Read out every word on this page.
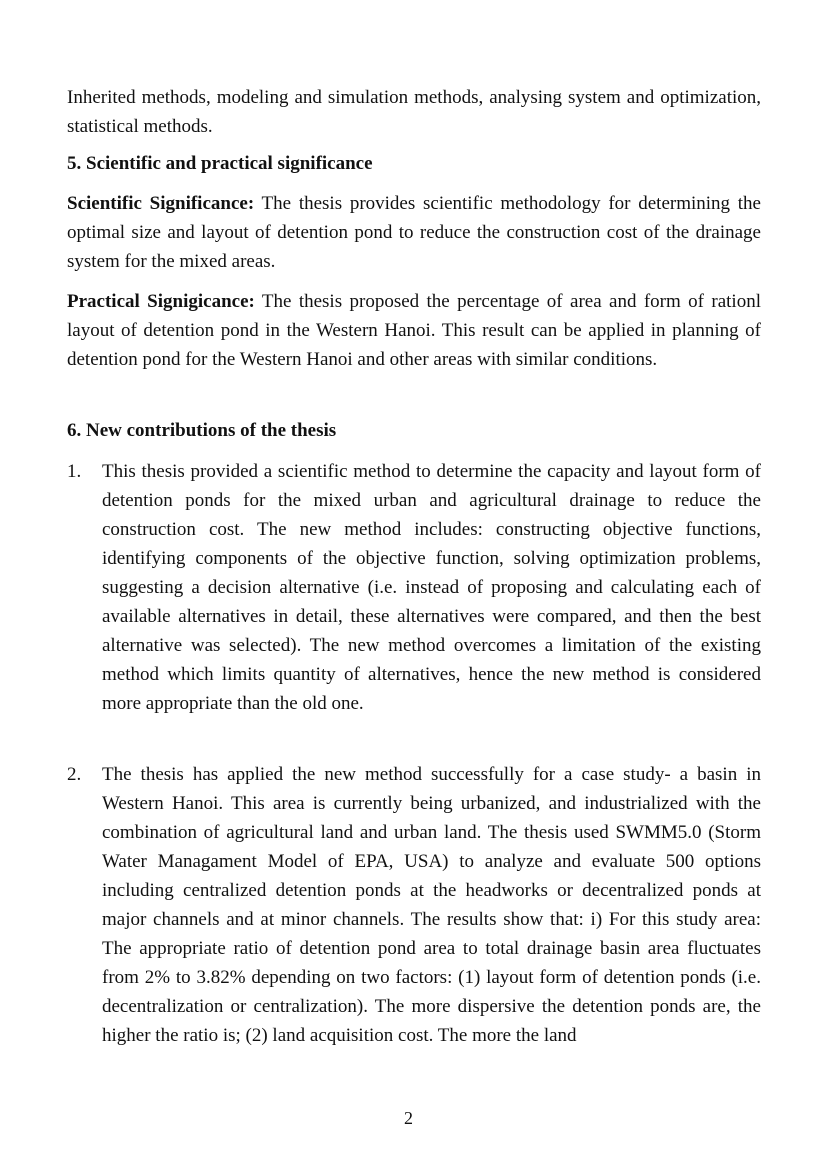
Inherited methods, modeling and simulation methods, analysing system and optimization, statistical methods.

5. Scientific and practical significance

Scientific Significance: The thesis provides scientific methodology for determining the optimal size and layout of detention pond to reduce the construction cost of the drainage system for the mixed areas.

Practical Signigicance: The thesis proposed the percentage of area and form of rationl layout of detention pond in the Western Hanoi. This result can be applied in planning of detention pond for the Western Hanoi and other areas with similar conditions.

6. New contributions of the thesis

1. This thesis provided a scientific method to determine the capacity and layout form of detention ponds for the mixed urban and agricultural drainage to reduce the construction cost. The new method includes: constructing objective functions, identifying components of the objective function, solving optimization problems, suggesting a decision alternative (i.e. instead of proposing and calculating each of available alternatives in detail, these alternatives were compared, and then the best alternative was selected). The new method overcomes a limitation of the existing method which limits quantity of alternatives, hence the new method is considered more appropriate than the old one.

2. The thesis has applied the new method successfully for a case study- a basin in Western Hanoi. This area is currently being urbanized, and industrialized with the combination of agricultural land and urban land. The thesis used SWMM5.0 (Storm Water Managament Model of EPA, USA) to analyze and evaluate 500 options including centralized detention ponds at the headworks or decentralized ponds at major channels and at minor channels. The results show that: i) For this study area: The appropriate ratio of detention pond area to total drainage basin area fluctuates from 2% to 3.82% depending on two factors: (1) layout form of detention ponds (i.e. decentralization or centralization). The more dispersive the detention ponds are, the higher the ratio is; (2) land acquisition cost. The more the land

2
